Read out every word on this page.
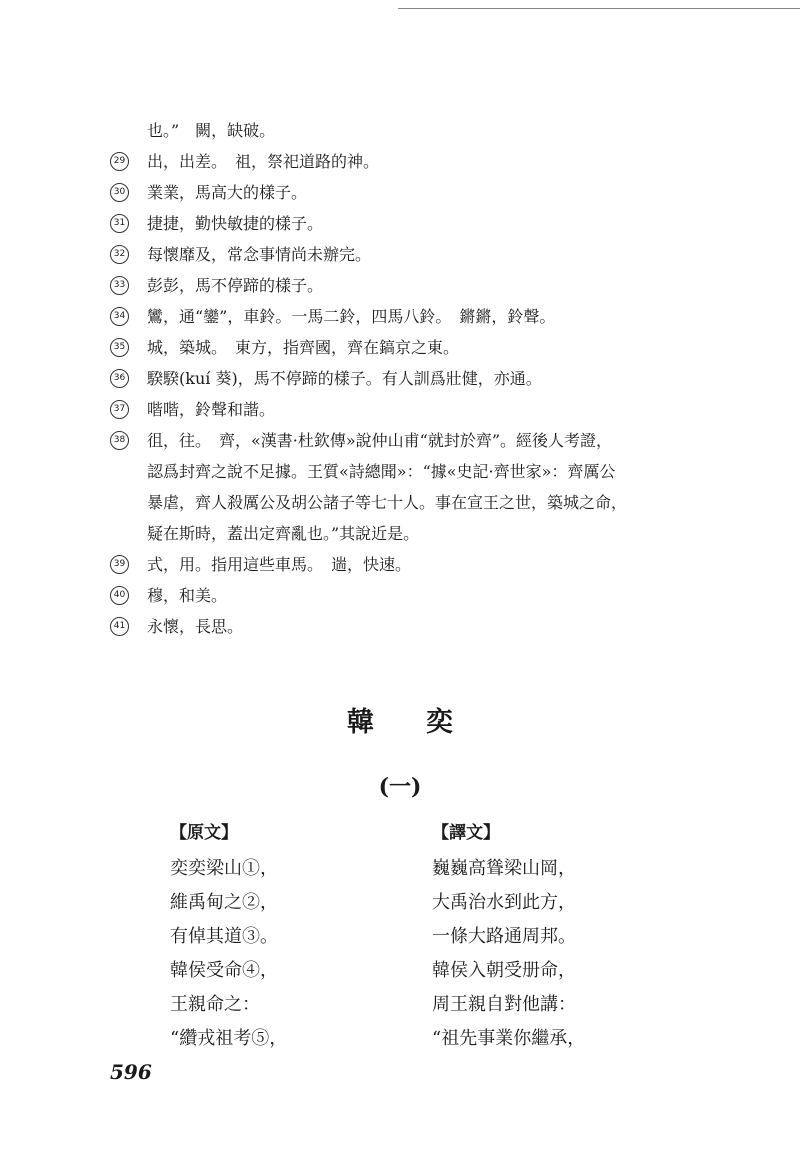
也。”　闕，缺破。
29 出，出差。　祖，祭祀道路的神。
30 業業，馬高大的樣子。
31 捷捷，勤快敏捷的樣子。
32 每懷靡及，常念事情尚未辦完。
33 彭彭，馬不停蹄的樣子。
34 鸞，通“鑾”，車鈴。一馬二鈴，四馬八鈴。　鏘鏘，鈴聲。
35 城，築城。　東方，指齊國，齊在鎬京之東。
36 騤騤(kuí 葵)，馬不停蹄的樣子。有人訓爲壯健，亦通。
37 喈喈，鈴聲和諧。
38 徂，往。　齊，«漢書·杜欽傳»說仲山甫“就封於齊”。經後人考證，
認爲封齊之說不足據。王質«詩總聞»：“據«史記·齊世家»：齊厲公
暴虐，齊人殺厲公及胡公諸子等七十人。事在宣王之世，築城之命，
疑在斯時，蓋出定齊亂也。”其說近是。
39 式，用。指用這些車馬。　遄，快速。
40 穆，和美。
41 永懷，長思。
韓奕
(一)
【原文】
奕奕梁山①，
維禹甸之②，
有倬其道③。
韓侯受命④，
王親命之：
“纘戎祖考⑤，
【譯文】
巍巍高聳梁山岡，
大禹治水到此方，
一條大路通周邦。
韓侯入朝受册命，
周王親自對他講：
“祖先事業你繼承，
596
